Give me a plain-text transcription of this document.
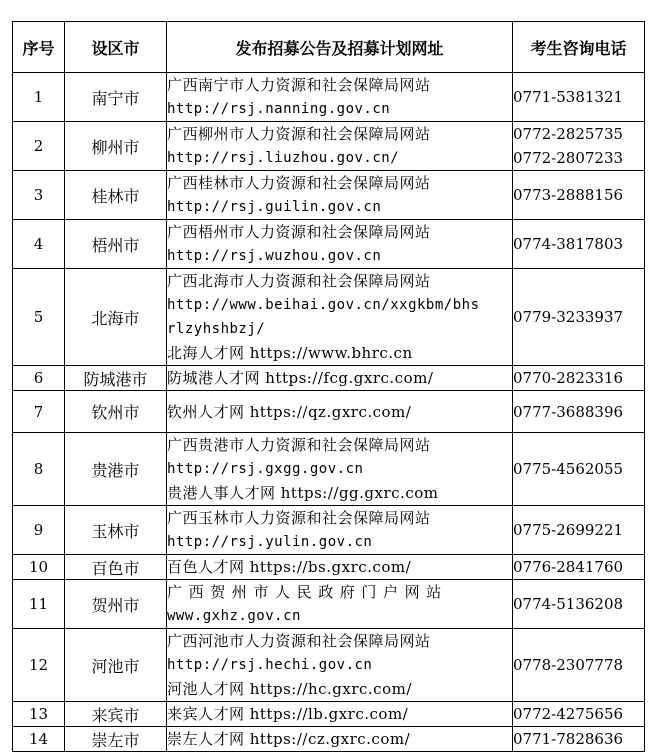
序号	设区市	发布招募公告及招募计划网址	考生咨询电话
1	南宁市	广西南宁市人力资源和社会保障局网站
http://rsj.nanning.gov.cn	0771-5381321

2	柳州市	广西柳州市人力资源和社会保障局网站
http://rsj.liuzhou.gov.cn/	0772-2825735
0772-2807233

3	桂林市	广西桂林市人力资源和社会保障局网站
http://rsj.guilin.gov.cn	0773-2888156

4	梧州市	广西梧州市人力资源和社会保障局网站
http://rsj.wuzhou.gov.cn	0774-3817803

5	北海市	广西北海市人力资源和社会保障局网站
http://www.beihai.gov.cn/xxgkbm/bhs
rlzyhshbzj/
北海人才网 https://www.bhrc.cn	0779-3233937

6	防城港市	防城港人才网 https://fcg.gxrc.com/	0770-2823316

7	钦州市	钦州人才网 https://qz.gxrc.com/	0777-3688396

8	贵港市	广西贵港市人力资源和社会保障局网站
http://rsj.gxgg.gov.cn
贵港人事人才网 https://gg.gxrc.com	0775-4562055

9	玉林市	广西玉林市人力资源和社会保障局网站
http://rsj.yulin.gov.cn	0775-2699221

10	百色市	百色人才网 https://bs.gxrc.com/	0776-2841760

11	贺州市	广西贺州市人民政府门户网站
www.gxhz.gov.cn	0774-5136208

12	河池市	广西河池市人力资源和社会保障局网站
http://rsj.hechi.gov.cn
河池人才网 https://hc.gxrc.com/	0778-2307778

13	来宾市	来宾人才网 https://lb.gxrc.com/	0772-4275656

14	崇左市	崇左人才网 https://cz.gxrc.com/	0771-7828636
